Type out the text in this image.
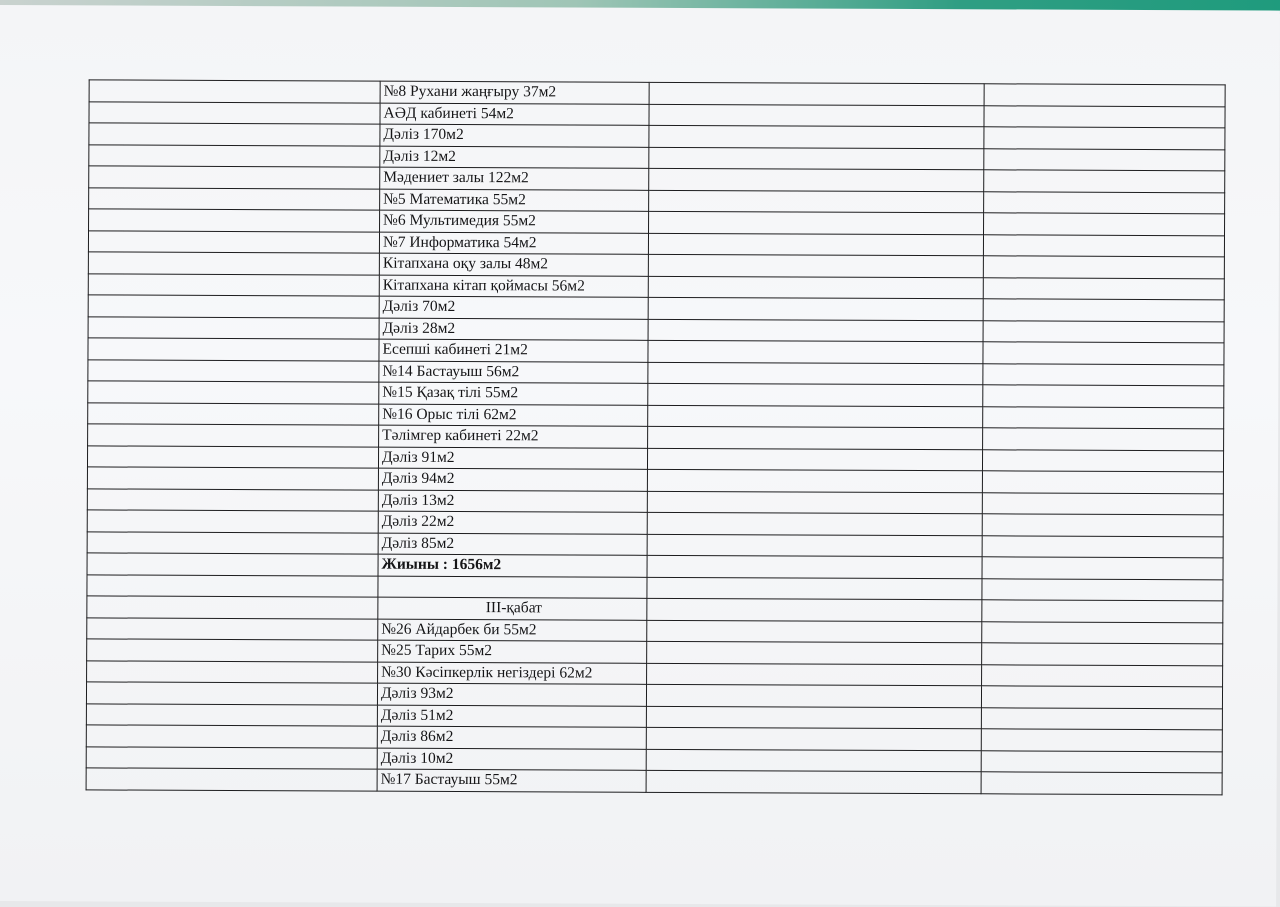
	№8 Рухани жаңғыру 37м2		
	АӘД кабинеті 54м2		
	Дәліз 170м2		
	Дәліз 12м2		
	Мәдениет залы 122м2		
	№5 Математика 55м2		
	№6 Мультимедия 55м2		
	№7 Информатика 54м2		
	Кітапхана оқу залы 48м2		
	Кітапхана кітап қоймасы 56м2		
	Дәліз 70м2		
	Дәліз 28м2		
	Есепші кабинеті 21м2		
	№14 Бастауыш 56м2		
	№15 Қазақ тілі 55м2		
	№16 Орыс тілі 62м2		
	Тәлімгер кабинеті 22м2		
	Дәліз 91м2		
	Дәліз 94м2		
	Дәліз 13м2		
	Дәліз 22м2		
	Дәліз 85м2		
	Жиыны : 1656м2		

	ІІІ-қабат		
	№26 Айдарбек би 55м2		
	№25 Тарих 55м2		
	№30 Кәсіпкерлік негіздері 62м2		
	Дәліз 93м2		
	Дәліз 51м2		
	Дәліз 86м2		
	Дәліз 10м2		
	№17 Бастауыш 55м2		
